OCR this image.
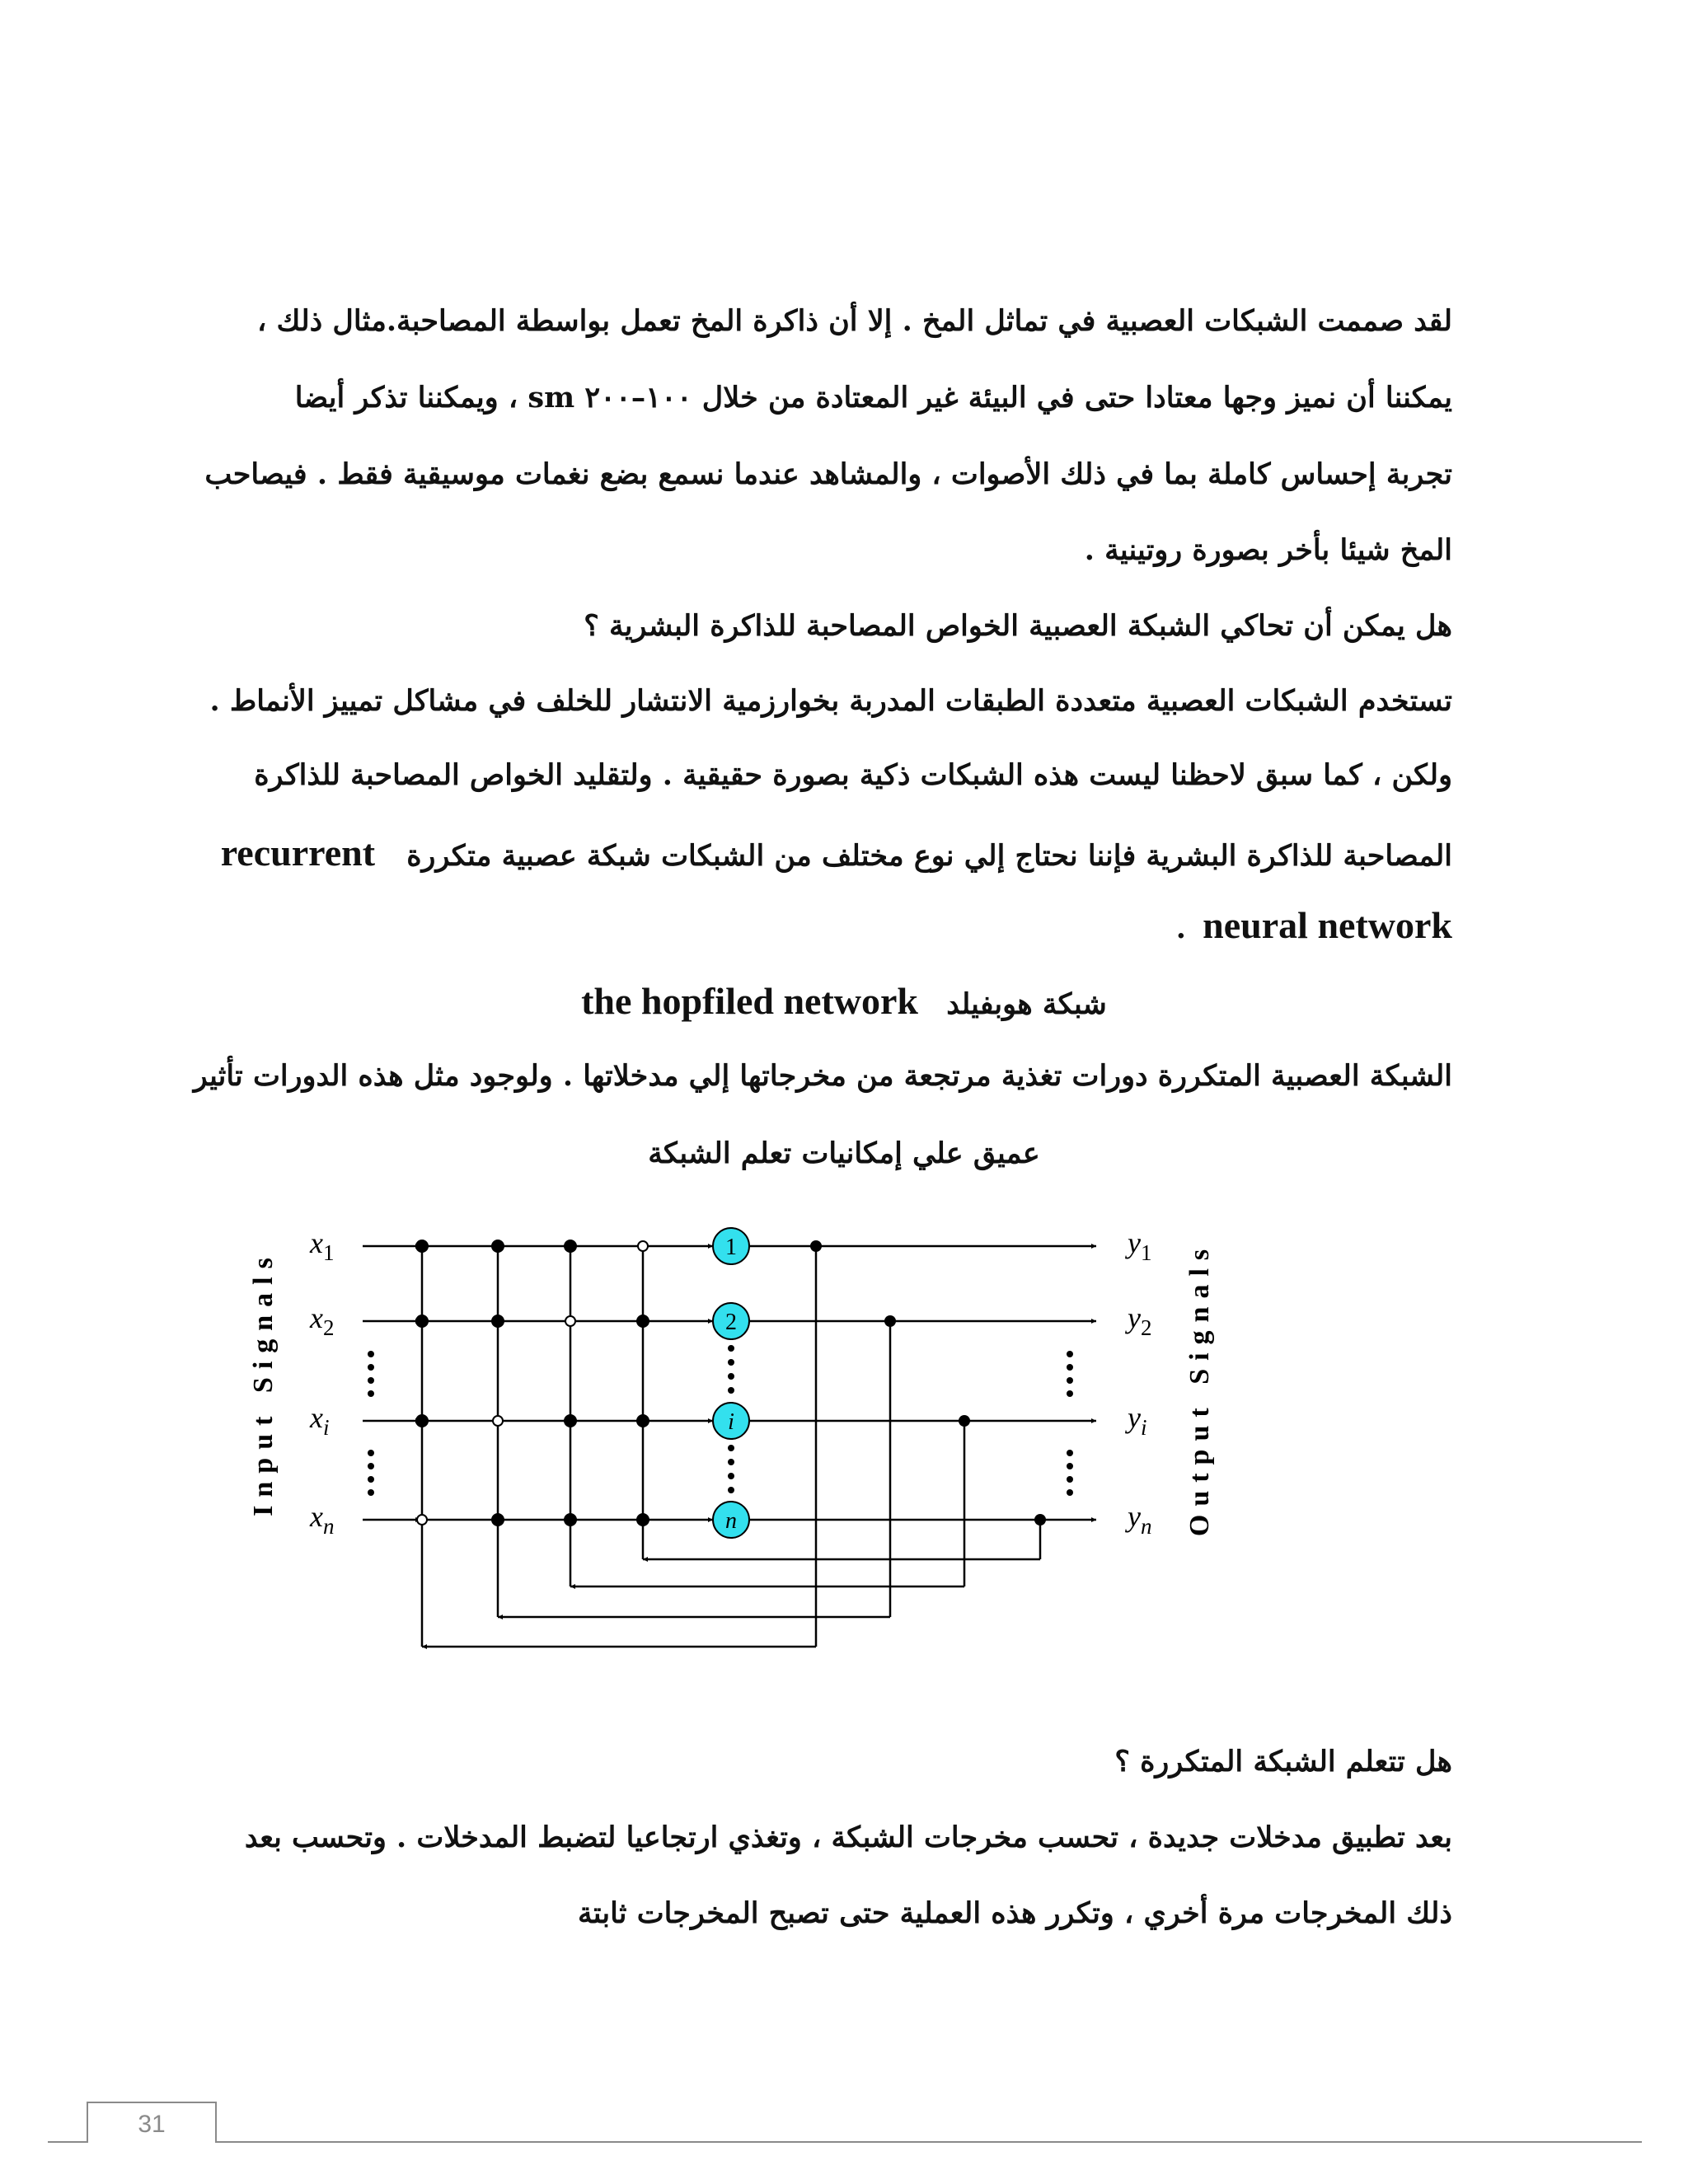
لقد صممت الشبكات العصبية في تماثل المخ . إلا أن ذاكرة المخ تعمل بواسطة المصاحبة.مثال ذلك ،
يمكننا أن نميز وجها معتادا حتى في البيئة غير المعتادة من خلال ١٠٠–٢٠٠ sm ، ويمكننا تذكر أيضا
تجربة إحساس كاملة بما في ذلك الأصوات ، والمشاهد عندما نسمع بضع نغمات موسيقية فقط . فيصاحب
المخ شيئا بأخر بصورة روتينية .
هل يمكن أن تحاكي الشبكة العصبية الخواص المصاحبة للذاكرة البشرية ؟
تستخدم الشبكات العصبية متعددة الطبقات المدربة بخوارزمية الانتشار للخلف في مشاكل تمييز الأنماط .
ولكن ، كما سبق لاحظنا ليست هذه الشبكات ذكية بصورة حقيقية . ولتقليد الخواص المصاحبة للذاكرة
المصاحبة للذاكرة البشرية فإننا نحتاج إلي نوع مختلف من الشبكات شبكة عصبية متكررة recurrent
neural network .
شبكة هوبفيلد the hopfiled network
الشبكة العصبية المتكررة دورات تغذية مرتجعة من مخرجاتها إلي مدخلاتها . ولوجود مثل هذه الدورات تأثير
عميق علي إمكانيات تعلم الشبكة
1
2
i
n
$x_1$	$y_1$
$x_2$	$y_2$
$x_i$	$y_i$
$x_n$	$y_n$
Input Signals	Output Signals
هل تتعلم الشبكة المتكررة ؟
بعد تطبيق مدخلات جديدة ، تحسب مخرجات الشبكة ، وتغذي ارتجاعيا لتضبط المدخلات . وتحسب بعد
ذلك المخرجات مرة أخري ، وتكرر هذه العملية حتى تصبح المخرجات ثابتة
31
